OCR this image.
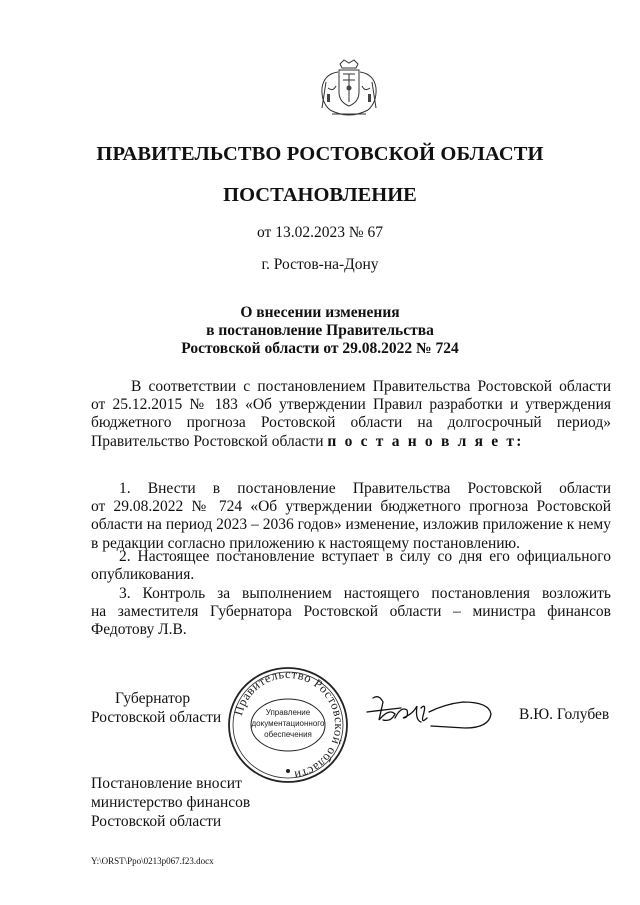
ПРАВИТЕЛЬСТВО РОСТОВСКОЙ ОБЛАСТИ
ПОСТАНОВЛЕНИЕ
от 13.02.2023 № 67
г. Ростов-на-Дону
О внесении изменения
в постановление Правительства
Ростовской области от 29.08.2022 № 724
В соответствии с постановлением Правительства Ростовской области
от 25.12.2015 № 183 «Об утверждении Правил разработки и утверждения
бюджетного прогноза Ростовской области на долгосрочный период»
Правительство Ростовской области п о с т а н о в л я е т:
1. Внести в постановление Правительства Ростовской области
от 29.08.2022 № 724 «Об утверждении бюджетного прогноза Ростовской
области на период 2023 – 2036 годов» изменение, изложив приложение к нему
в редакции согласно приложению к настоящему постановлению.
2. Настоящее постановление вступает в силу со дня его официального
опубликования.
3. Контроль за выполнением настоящего постановления возложить
на заместителя Губернатора Ростовской области – министра финансов
Федотову Л.В.
Губернатор
Ростовской области Правительство Ростовской области
Управление
документационного
обеспечения
В.Ю. Голубев
Постановление вносит
министерство финансов
Ростовской области
Y:\ORST\Ppo\0213p067.f23.docx
